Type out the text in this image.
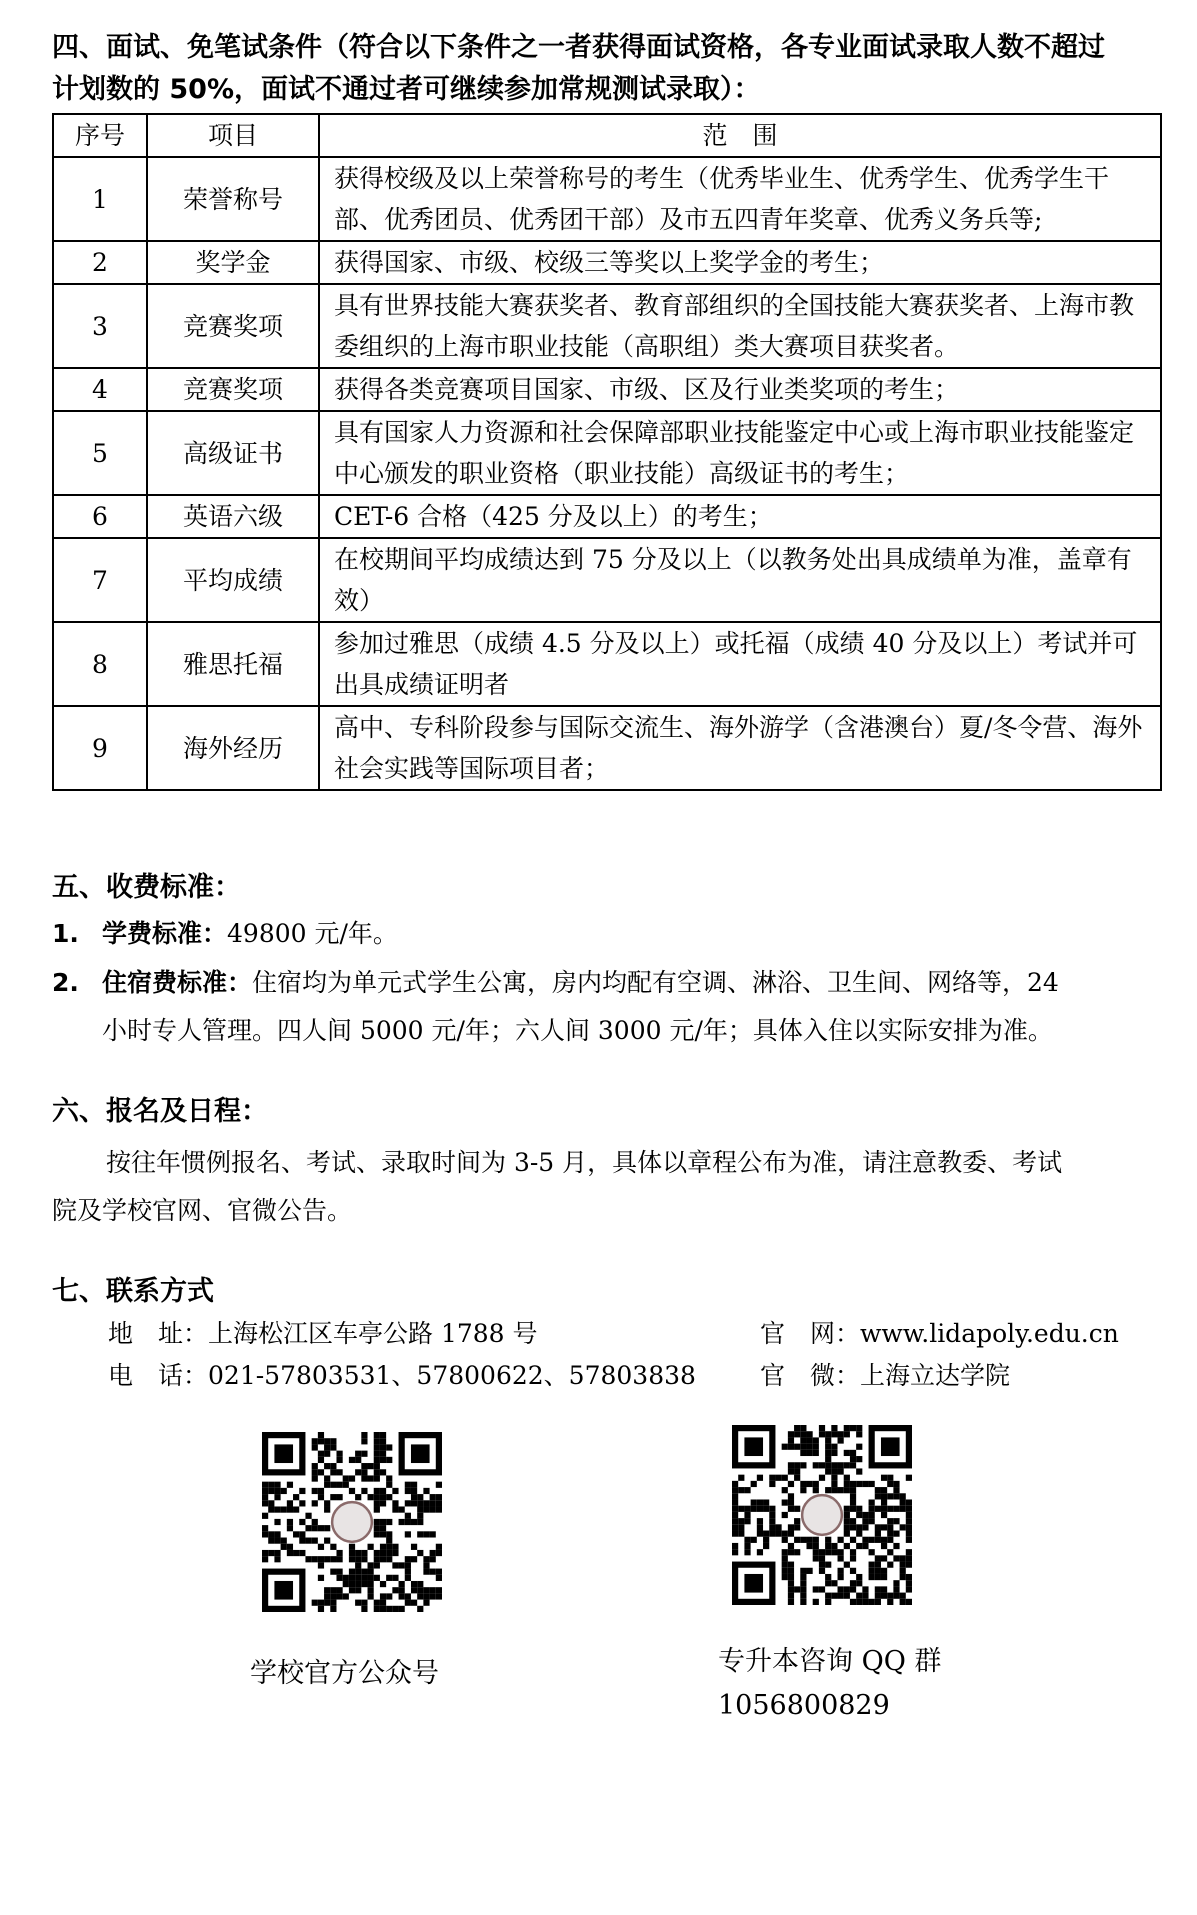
四、面试、免笔试条件（符合以下条件之一者获得面试资格，各专业面试录取人数不超过
计划数的 50%，面试不通过者可继续参加常规测试录取）：
序号	项目	范　围
1	荣誉称号	获得校级及以上荣誉称号的考生（优秀毕业生、优秀学生、优秀学生干部、优秀团员、优秀团干部）及市五四青年奖章、优秀义务兵等;
2	奖学金	获得国家、市级、校级三等奖以上奖学金的考生；
3	竞赛奖项	具有世界技能大赛获奖者、教育部组织的全国技能大赛获奖者、上海市教委组织的上海市职业技能（高职组）类大赛项目获奖者。
4	竞赛奖项	获得各类竞赛项目国家、市级、区及行业类奖项的考生；
5	高级证书	具有国家人力资源和社会保障部职业技能鉴定中心或上海市职业技能鉴定中心颁发的职业资格（职业技能）高级证书的考生；
6	英语六级	CET-6 合格（425 分及以上）的考生；
7	平均成绩	在校期间平均成绩达到 75 分及以上（以教务处出具成绩单为准，盖章有效）
8	雅思托福	参加过雅思（成绩 4.5 分及以上）或托福（成绩 40 分及以上）考试并可出具成绩证明者
9	海外经历	高中、专科阶段参与国际交流生、海外游学（含港澳台）夏/冬令营、海外社会实践等国际项目者；
五、收费标准：
1. 学费标准：49800 元/年。
2. 住宿费标准：住宿均为单元式学生公寓，房内均配有空调、淋浴、卫生间、网络等，24
小时专人管理。四人间 5000 元/年；六人间 3000 元/年；具体入住以实际安排为准。
六、报名及日程：
按往年惯例报名、考试、录取时间为 3-5 月，具体以章程公布为准，请注意教委、考试
院及学校官网、官微公告。
七、联系方式
地　址：上海松江区车亭公路 1788 号	官　网：www.lidapoly.edu.cn
电　话：021-57803531、57800622、57803838	官　微：上海立达学院
学校官方公众号	专升本咨询 QQ 群
1056800829
